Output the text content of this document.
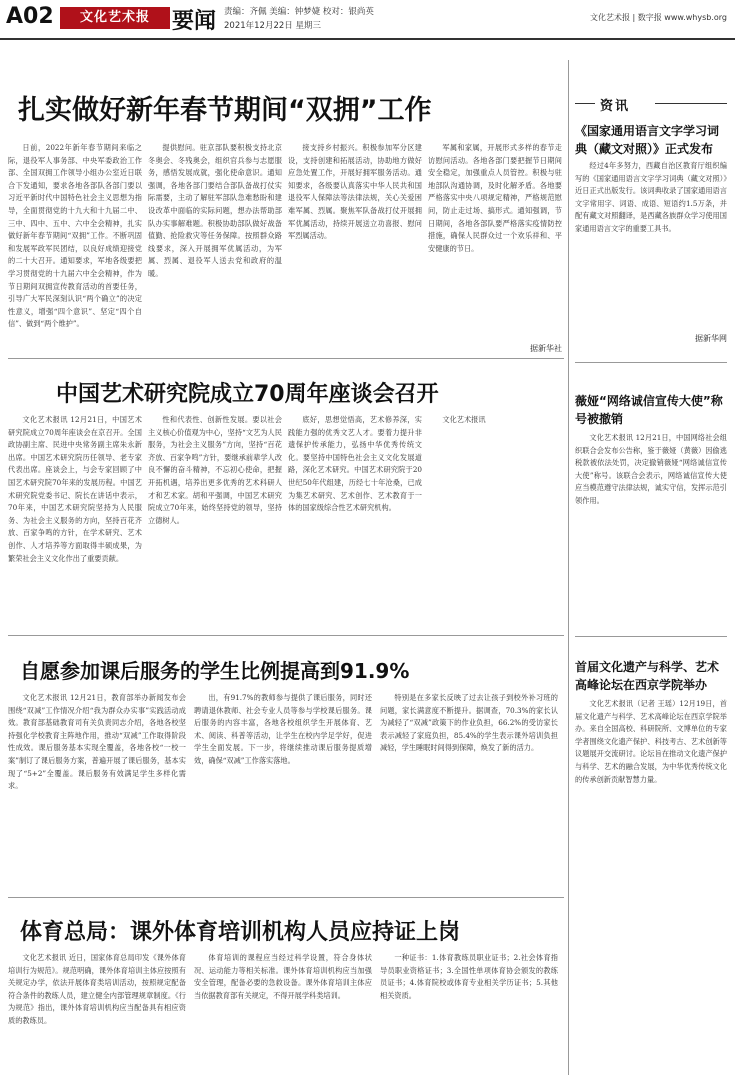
A02	文化艺术报	要闻 责编：齐佩 美编：钟梦婕 校对：银尚英
2021年12月22日 星期三
文化艺术报 | 数字报 www.whysb.org
扎实做好新年春节期间“双拥”工作
日前，2022年新年春节期间来临之际，退役军人事务部、中央军委政治工作部、全国双拥工作领导小组办公室近日联合下发通知，要求各地各部队各部门要以习近平新时代中国特色社会主义思想为指导，全面贯彻党的十九大和十九届二中、三中、四中、五中、六中全会精神，扎实做好新年春节期间“双拥”工作。不断巩固和发展军政军民团结，以良好成绩迎接党的二十大召开。通知要求，军地各级要把学习贯彻党的十九届六中全会精神，作为节日期间双拥宣传教育活动的首要任务，引导广大军民深刻认识“两个确立”的决定性意义，增强“四个意识”、坚定“四个自信”、做到“两个维护”。
提供慰问。驻京部队要积极支持北京冬奥会、冬残奥会，组织官兵参与志愿服务，感悟发展成就，强化使命意识。通知强调，各地各部门要结合部队备战打仗实际需要，主动了解驻军部队急难愁盼和建设改革中面临的实际问题，想办法帮助部队办实事解难题。积极协助部队做好战备值勤、抢险救灾等任务保障。按照群众路线要求，深入开展拥军优属活动，为军属、烈属、退役军人送去党和政府的温暖。
接支持乡村振兴。积极参加军分区建设，支持创建和拓展活动，协助地方做好应急处置工作，开展好拥军服务活动。通知要求，各级要认真落实中华人民共和国退役军人保障法等法律法规，关心关爱困难军属、烈属。聚焦军队备战打仗开展拥军优属活动，持续开展送立功喜报、慰问军烈属活动。
军属和家属，开展形式多样的春节走访慰问活动。各地各部门要把握节日期间安全稳定，加强重点人员管控。积极与驻地部队沟通协调，及时化解矛盾。各地要严格落实中央八项规定精神，严格规范慰问，防止走过场、搞形式。通知强调，节日期间，各地各部队要严格落实疫情防控措施，确保人民群众过一个欢乐祥和、平安健康的节日。
据新华社
中国艺术研究院成立70周年座谈会召开
文化艺术报讯 12月21日，中国艺术研究院成立70周年座谈会在京召开。全国政协副主席、民进中央常务副主席朱永新出席。中国艺术研究院历任领导、老专家代表出席。座谈会上，与会专家回顾了中国艺术研究院70年来的发展历程。中国艺术研究院党委书记、院长在讲话中表示，70年来，中国艺术研究院坚持为人民服务、为社会主义服务的方向，坚持百花齐放、百家争鸣的方针，在学术研究、艺术创作、人才培养等方面取得丰硕成果，为繁荣社会主义文化作出了重要贡献。
性和代表性、创新性发展。要以社会主义核心价值观为中心，坚持“文艺为人民服务，为社会主义服务”方向，坚持“百花齐放、百家争鸣”方针，要继承前辈学人改良不懈的奋斗精神，不忘初心使命，把握开拓机遇，培养出更多优秀的艺术科研人才和艺术家。胡和平强调，中国艺术研究院成立70年来，始终坚持党的领导，坚持立德树人。
底好，思想觉悟高，艺术修养深，实践能力强的优秀文艺人才。要着力提升非遗保护传承能力，弘扬中华优秀传统文化。要坚持中国特色社会主义文化发展道路，深化艺术研究。中国艺术研究院于20世纪50年代组建，历经七十年沧桑，已成为集艺术研究、艺术创作、艺术教育于一体的国家级综合性艺术研究机构。
文化艺术报讯
自愿参加课后服务的学生比例提高到91.9%
文化艺术报讯 12月21日，教育部举办新闻发布会围绕“双减”工作情况介绍“我为群众办实事”实践活动成效。教育部基础教育司有关负责同志介绍，各地各校坚持强化学校教育主阵地作用，推动“双减”工作取得阶段性成效。课后服务基本实现全覆盖，各地各校“一校一案”制订了课后服务方案，普遍开展了课后服务，基本实现了“5+2”全覆盖。课后服务有效满足学生多样化需求。
出，有91.7%的教师参与提供了课后服务，同时还聘请退休教师、社会专业人员等参与学校课后服务。课后服务的内容丰富，各地各校组织学生开展体育、艺术、阅读、科普等活动，让学生在校内学足学好，促进学生全面发展。下一步，将继续推动课后服务提质增效，确保“双减”工作落实落地。
特别是在多家长反映了过去让孩子到校外补习班的问题，家长满意度不断提升。据调查，70.3%的家长认为减轻了“双减”政策下的作业负担，66.2%的受访家长表示减轻了家庭负担，85.4%的学生表示课外培训负担减轻，学生睡眠时间得到保障，焕发了新的活力。
体育总局：课外体育培训机构人员应持证上岗
文化艺术报讯 近日，国家体育总局印发《课外体育培训行为规范》。规范明确，课外体育培训主体应按照有关规定办学，依法开展体育类培训活动，按照规定配备符合条件的教练人员，建立健全内部管理规章制度。《行为规范》指出，课外体育培训机构应当配备具有相应资质的教练员。
体育培训的课程应当经过科学设置，符合身体状况、运动能力等相关标准。课外体育培训机构应当加强安全管理，配备必要的急救设备。课外体育培训主体应当依据教育部有关规定，不得开展学科类培训。
一种证书：1.体育教练员职业证书；2.社会体育指导员职业资格证书；3.全国性单项体育协会颁发的教练员证书；4.体育院校或体育专业相关学历证书；5.其他相关资质。
资讯
《国家通用语言文字学习词典（藏文对照）》正式发布
经过4年多努力，西藏自治区教育厅组织编写的《国家通用语言文字学习词典（藏文对照）》近日正式出版发行。该词典收录了国家通用语言文字常用字、词语、成语、短语约1.5万条，并配有藏文对照翻译，是西藏各族群众学习使用国家通用语言文字的重要工具书。
据新华网
薇娅“网络诚信宣传大使”称号被撤销
文化艺术报讯 12月21日，中国网络社会组织联合会发布公告称，鉴于薇娅（黄薇）因偷逃税款被依法处罚，决定撤销薇娅“网络诚信宣传大使”称号。该联合会表示，网络诚信宣传大使应当模范遵守法律法规，诚实守信，发挥示范引领作用。
首届文化遗产与科学、艺术高峰论坛在西京学院举办
文化艺术报讯（记者 王瑶）12月19日，首届文化遗产与科学、艺术高峰论坛在西京学院举办。来自全国高校、科研院所、文博单位的专家学者围绕文化遗产保护、科技考古、艺术创新等议题展开交流研讨。论坛旨在推动文化遗产保护与科学、艺术的融合发展，为中华优秀传统文化的传承创新贡献智慧力量。
